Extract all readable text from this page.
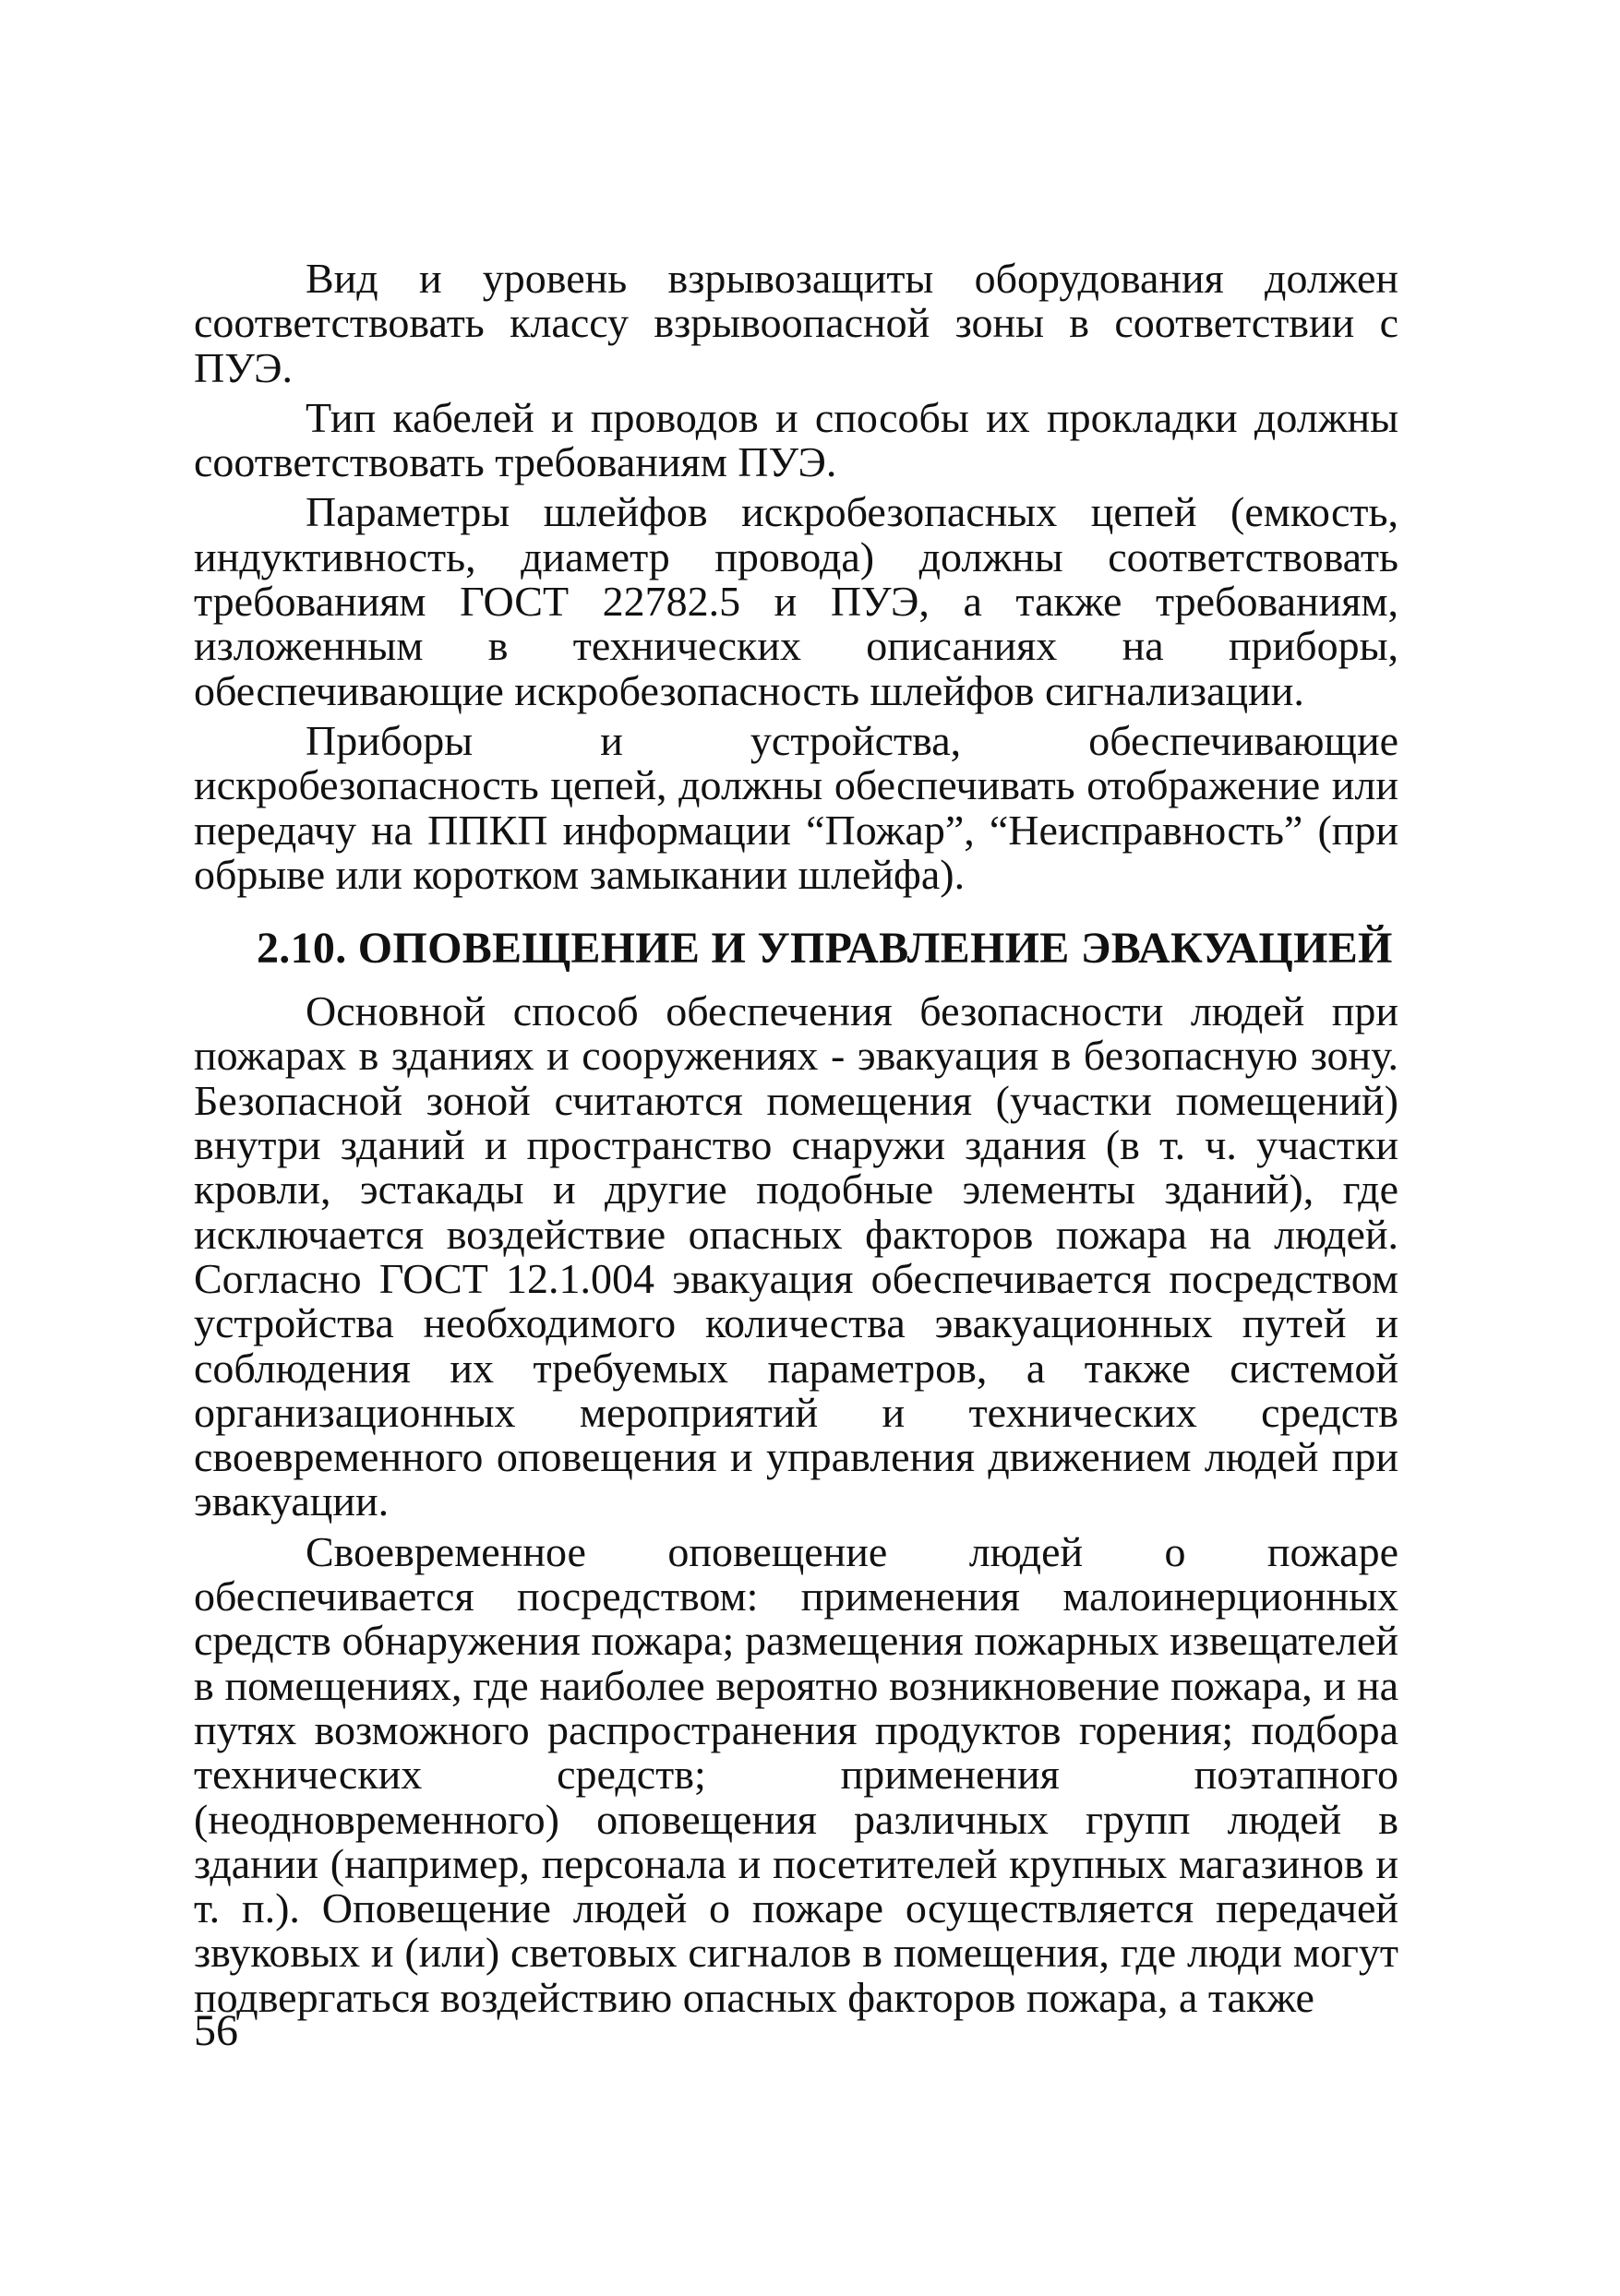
Вид и уровень взрывозащиты оборудования должен соответствовать классу взрывоопасной зоны в соответствии с ПУЭ.

Тип кабелей и проводов и способы их прокладки должны соответствовать требованиям ПУЭ.

Параметры шлейфов искробезопасных цепей (емкость, индуктивность, диаметр провода) должны соответствовать требованиям ГОСТ 22782.5 и ПУЭ, а также требованиям, изложенным в технических описаниях на приборы, обеспечивающие искробезопасность шлейфов сигнализации.

Приборы и устройства, обеспечивающие искробезопасность цепей, должны обеспечивать отображение или передачу на ППКП информации “Пожар”, “Неисправность” (при обрыве или коротком замыкании шлейфа).

2.10. ОПОВЕЩЕНИЕ И УПРАВЛЕНИЕ ЭВАКУАЦИЕЙ

Основной способ обеспечения безопасности людей при пожарах в зданиях и сооружениях - эвакуация в безопасную зону. Безопасной зоной считаются помещения (участки помещений) внутри зданий и пространство снаружи здания (в т. ч. участки кровли, эстакады и другие подобные элементы зданий), где исключается воздействие опасных факторов пожара на людей. Согласно ГОСТ 12.1.004 эвакуация обеспечивается посредством устройства необходимого количества эвакуационных путей и соблюдения их требуемых параметров, а также системой организационных мероприятий и технических средств своевременного оповещения и управления движением людей при эвакуации.

Своевременное оповещение людей о пожаре обеспечивается посредством: применения малоинерционных средств обнаружения пожара; размещения пожарных извещателей в помещениях, где наиболее вероятно возникновение пожара, и на путях возможного распространения продуктов горения; подбора технических средств; применения поэтапного (неодновременного) оповещения различных групп людей в здании (например, персонала и посетителей крупных магазинов и т. п.). Оповещение людей о пожаре осуществляется передачей звуковых и (или) световых сигналов в помещения, где люди могут подвергаться воздействию опасных факторов пожара, а также

56
